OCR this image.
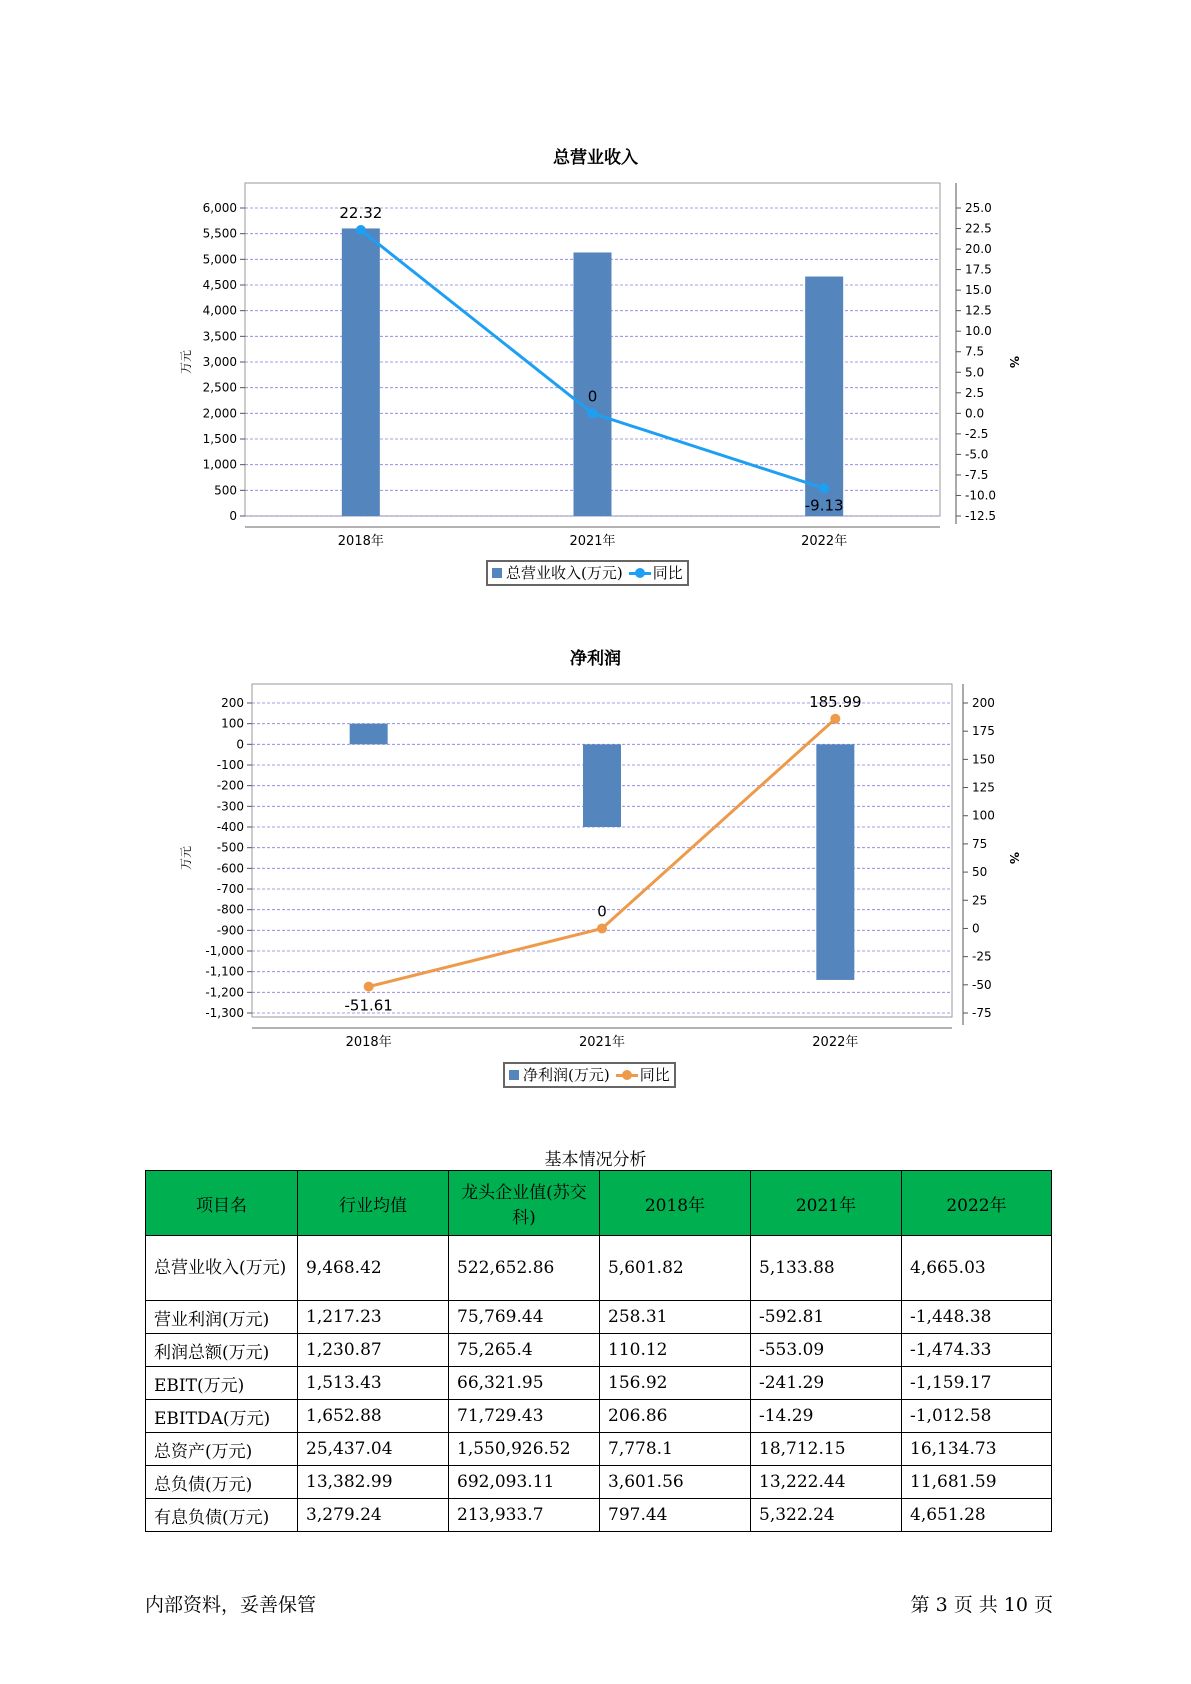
总营业收入
0
500
1,000
1,500
2,000
2,500
3,000
3,500
4,000
4,500
5,000
5,500
6,000
-12.5
-10.0
-7.5
-5.0
-2.5
0.0
2.5
5.0
7.5
10.0
12.5
15.0
17.5
20.0
22.5
25.0
万元	%
2018年	2021年	2022年
22.32
0
-9.13
总营业收入(万元) 同比
净利润
-1,300
-1,200
-1,100
-1,000
-900
-800
-700
-600
-500
-400
-300
-200
-100
0
100
200
-75
-50
-25
0
25
50
75
100
125
150
175
200
万元	%
2018年	2021年	2022年
-51.61
0
185.99
净利润(万元) 同比
基本情况分析
项目名	行业均值	龙头企业值(苏交科)	2018年	2021年	2022年
总营业收入(万元)	9,468.42	522,652.86	5,601.82	5,133.88	4,665.03
营业利润(万元)	1,217.23	75,769.44	258.31	-592.81	-1,448.38
利润总额(万元)	1,230.87	75,265.4	110.12	-553.09	-1,474.33
EBIT(万元)	1,513.43	66,321.95	156.92	-241.29	-1,159.17
EBITDA(万元)	1,652.88	71,729.43	206.86	-14.29	-1,012.58
总资产(万元)	25,437.04	1,550,926.52	7,778.1	18,712.15	16,134.73
总负债(万元)	13,382.99	692,093.11	3,601.56	13,222.44	11,681.59
有息负债(万元)	3,279.24	213,933.7	797.44	5,322.24	4,651.28
内部资料，妥善保管	第 3 页 共 10 页
